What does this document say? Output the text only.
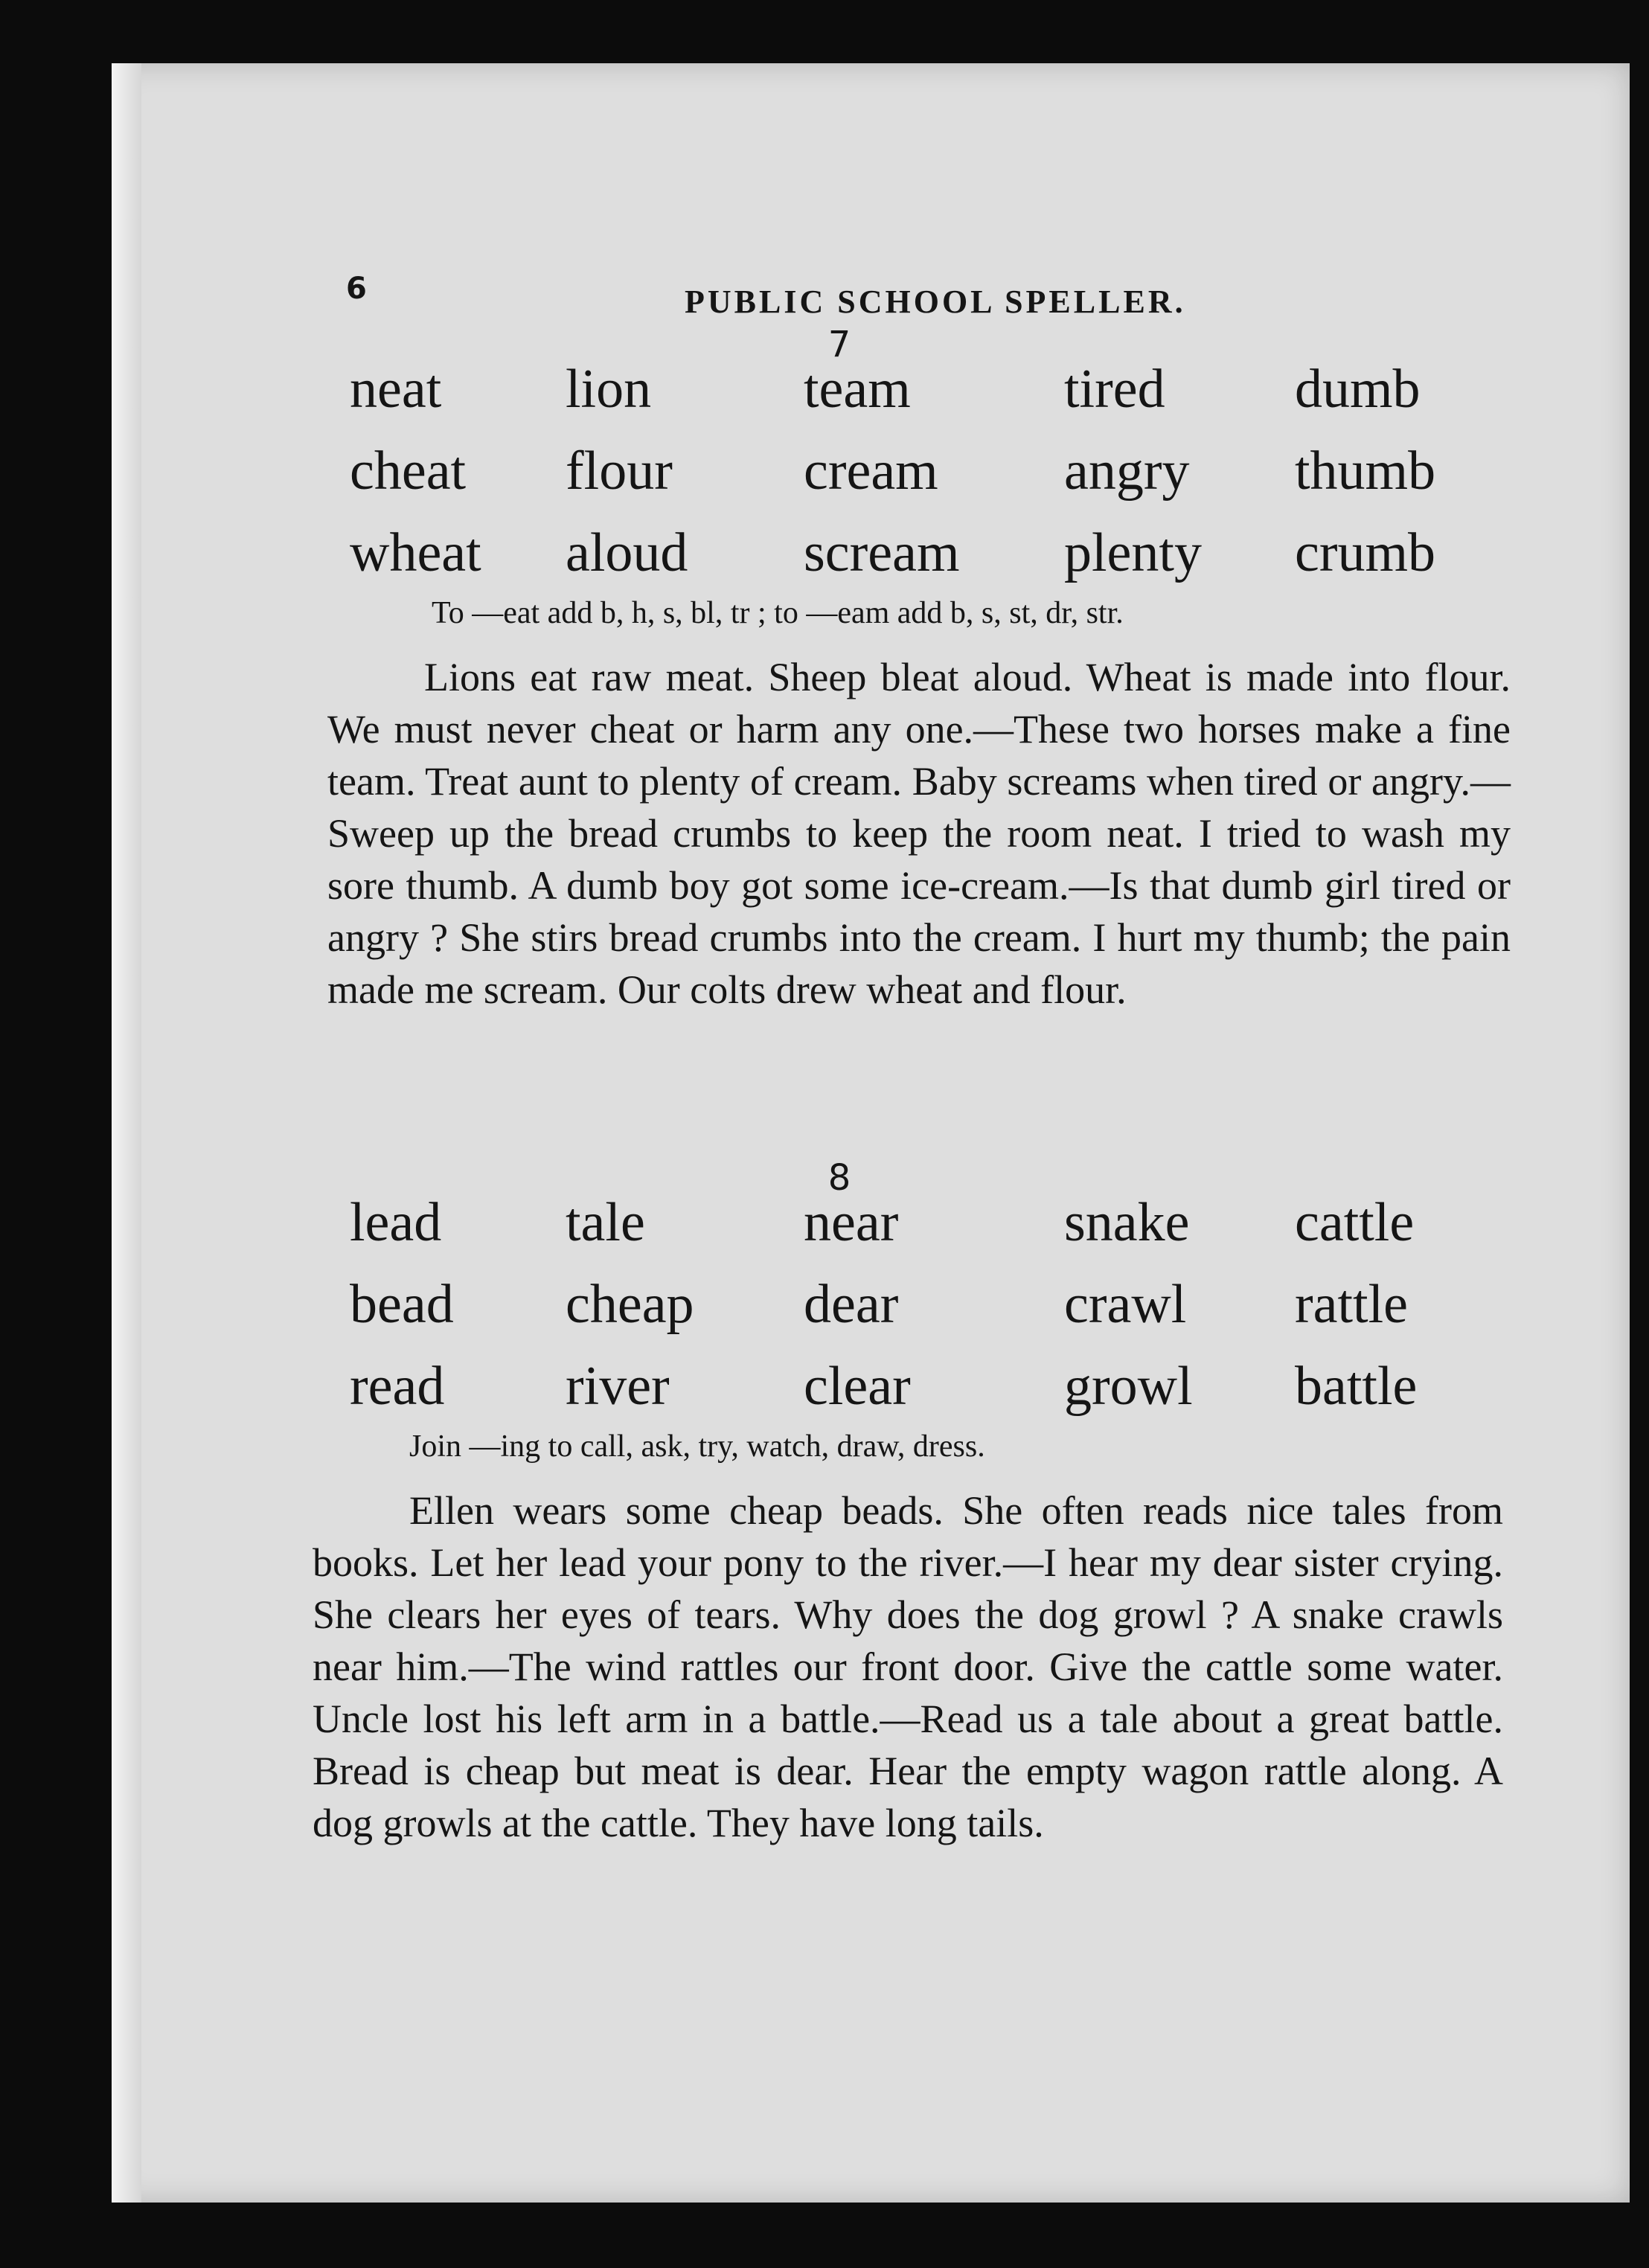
6	PUBLIC SCHOOL SPELLER.
7
neat	lion	team	tired	dumb
cheat	flour	cream	angry	thumb
wheat	aloud	scream	plenty	crumb
To —eat add b, h, s, bl, tr ; to —eam add b, s, st, dr, str.

Lions eat raw meat. Sheep bleat aloud. Wheat is made into flour. We must never cheat or harm any one.—These two horses make a fine team. Treat aunt to plenty of cream. Baby screams when tired or angry.—Sweep up the bread crumbs to keep the room neat. I tried to wash my sore thumb. A dumb boy got some ice-cream.—Is that dumb girl tired or angry ? She stirs bread crumbs into the cream. I hurt my thumb; the pain made me scream. Our colts drew wheat and flour.

8
lead	tale	near	snake	cattle
bead	cheap	dear	crawl	rattle
read	river	clear	growl	battle
Join —ing to call, ask, try, watch, draw, dress.

Ellen wears some cheap beads. She often reads nice tales from books. Let her lead your pony to the river.—I hear my dear sister crying. She clears her eyes of tears. Why does the dog growl ? A snake crawls near him.—The wind rattles our front door. Give the cattle some water. Uncle lost his left arm in a battle.—Read us a tale about a great battle. Bread is cheap but meat is dear. Hear the empty wagon rattle along. A dog growls at the cattle. They have long tails.
